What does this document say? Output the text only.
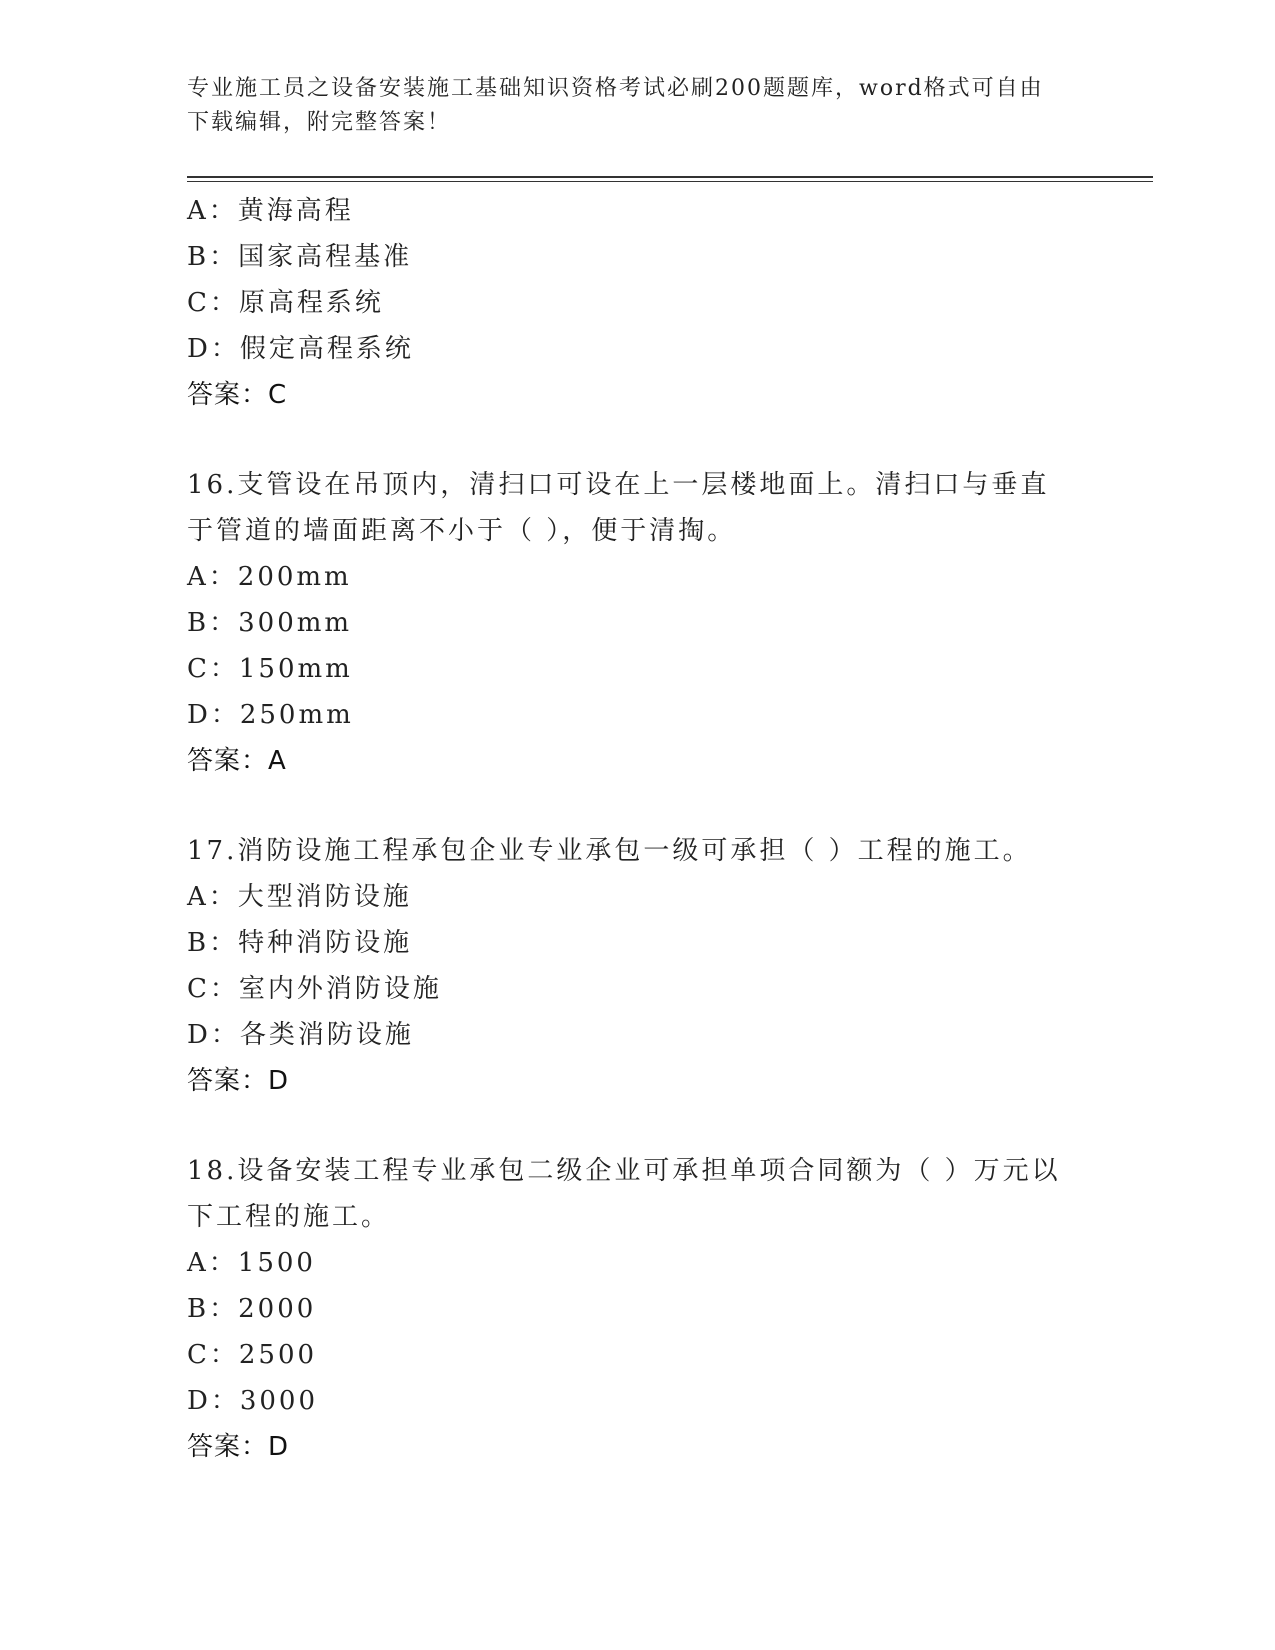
专业施工员之设备安装施工基础知识资格考试必刷200题题库，word格式可自由下载编辑，附完整答案！
A：黄海高程
B：国家高程基准
C：原高程系统
D：假定高程系统
答案：C
16.支管设在吊顶内，清扫口可设在上一层楼地面上。清扫口与垂直于管道的墙面距离不小于（ ），便于清掏。
A：200mm
B：300mm
C：150mm
D：250mm
答案：A
17.消防设施工程承包企业专业承包一级可承担（ ）工程的施工。
A：大型消防设施
B：特种消防设施
C：室内外消防设施
D：各类消防设施
答案：D
18.设备安装工程专业承包二级企业可承担单项合同额为（ ）万元以下工程的施工。
A：1500
B：2000
C：2500
D：3000
答案：D
